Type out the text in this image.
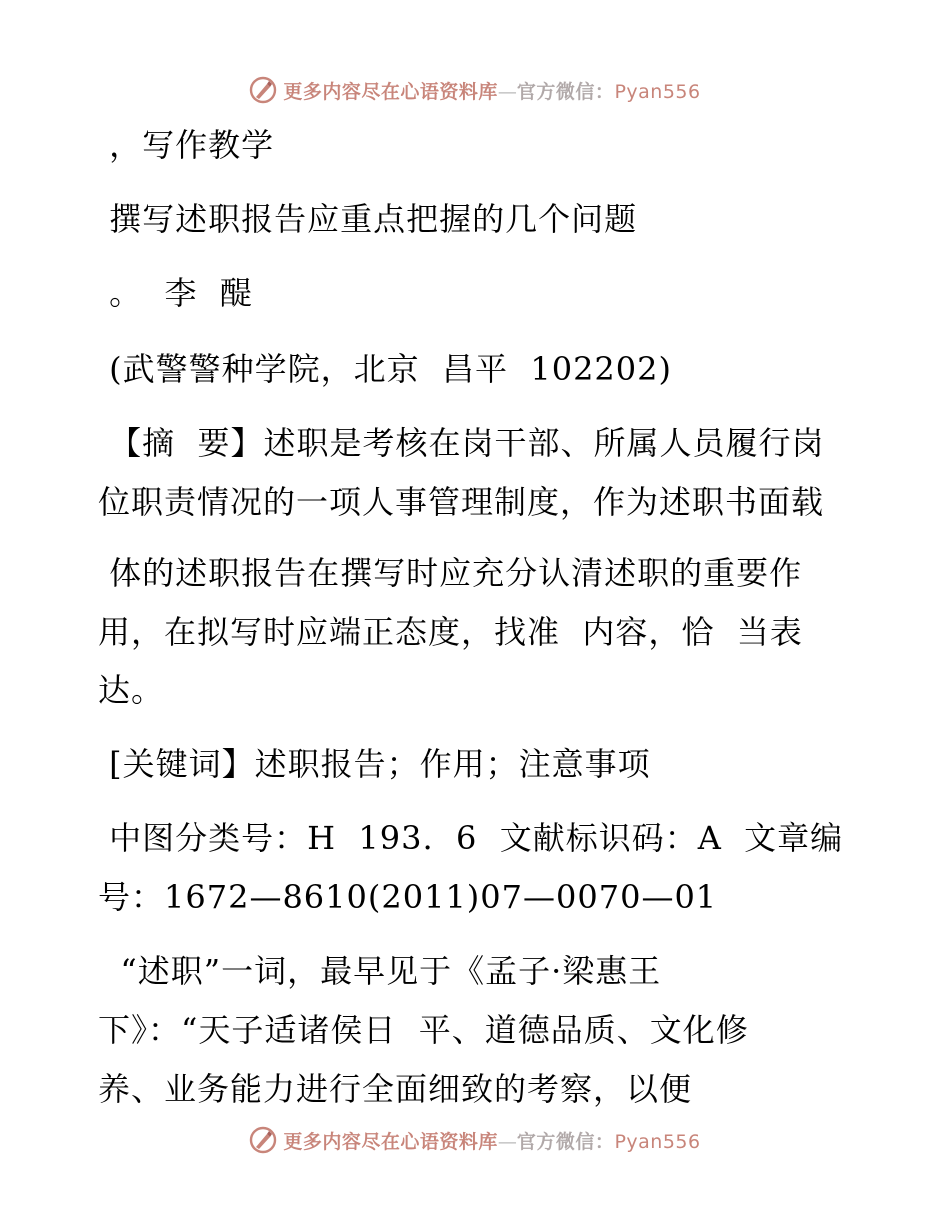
更多内容尽在心语资料库— 官方微信：Pyan556
，写作教学
撰写述职报告应重点把握的几个问题
。  李  醍
(武警警种学院，北京  昌平  102202)
【摘  要】述职是考核在岗干部、所属人员履行岗
位职责情况的一项人事管理制度，作为述职书面载
体的述职报告在撰写时应充分认清述职的重要作
用，在拟写时应端正态度，找准  内容，恰  当表
达。
[关键词】述职报告；作用；注意事项
中图分类号：H  193.  6  文献标识码：A  文章编
号：1672—8610(2011)07—0070—01
“述职”一词，最早见于《孟子·梁惠王
下》：“天子适诸侯日  平、道德品质、文化修
养、业务能力进行全面细致的考察，以便
更多内容尽在心语资料库— 官方微信：Pyan556
